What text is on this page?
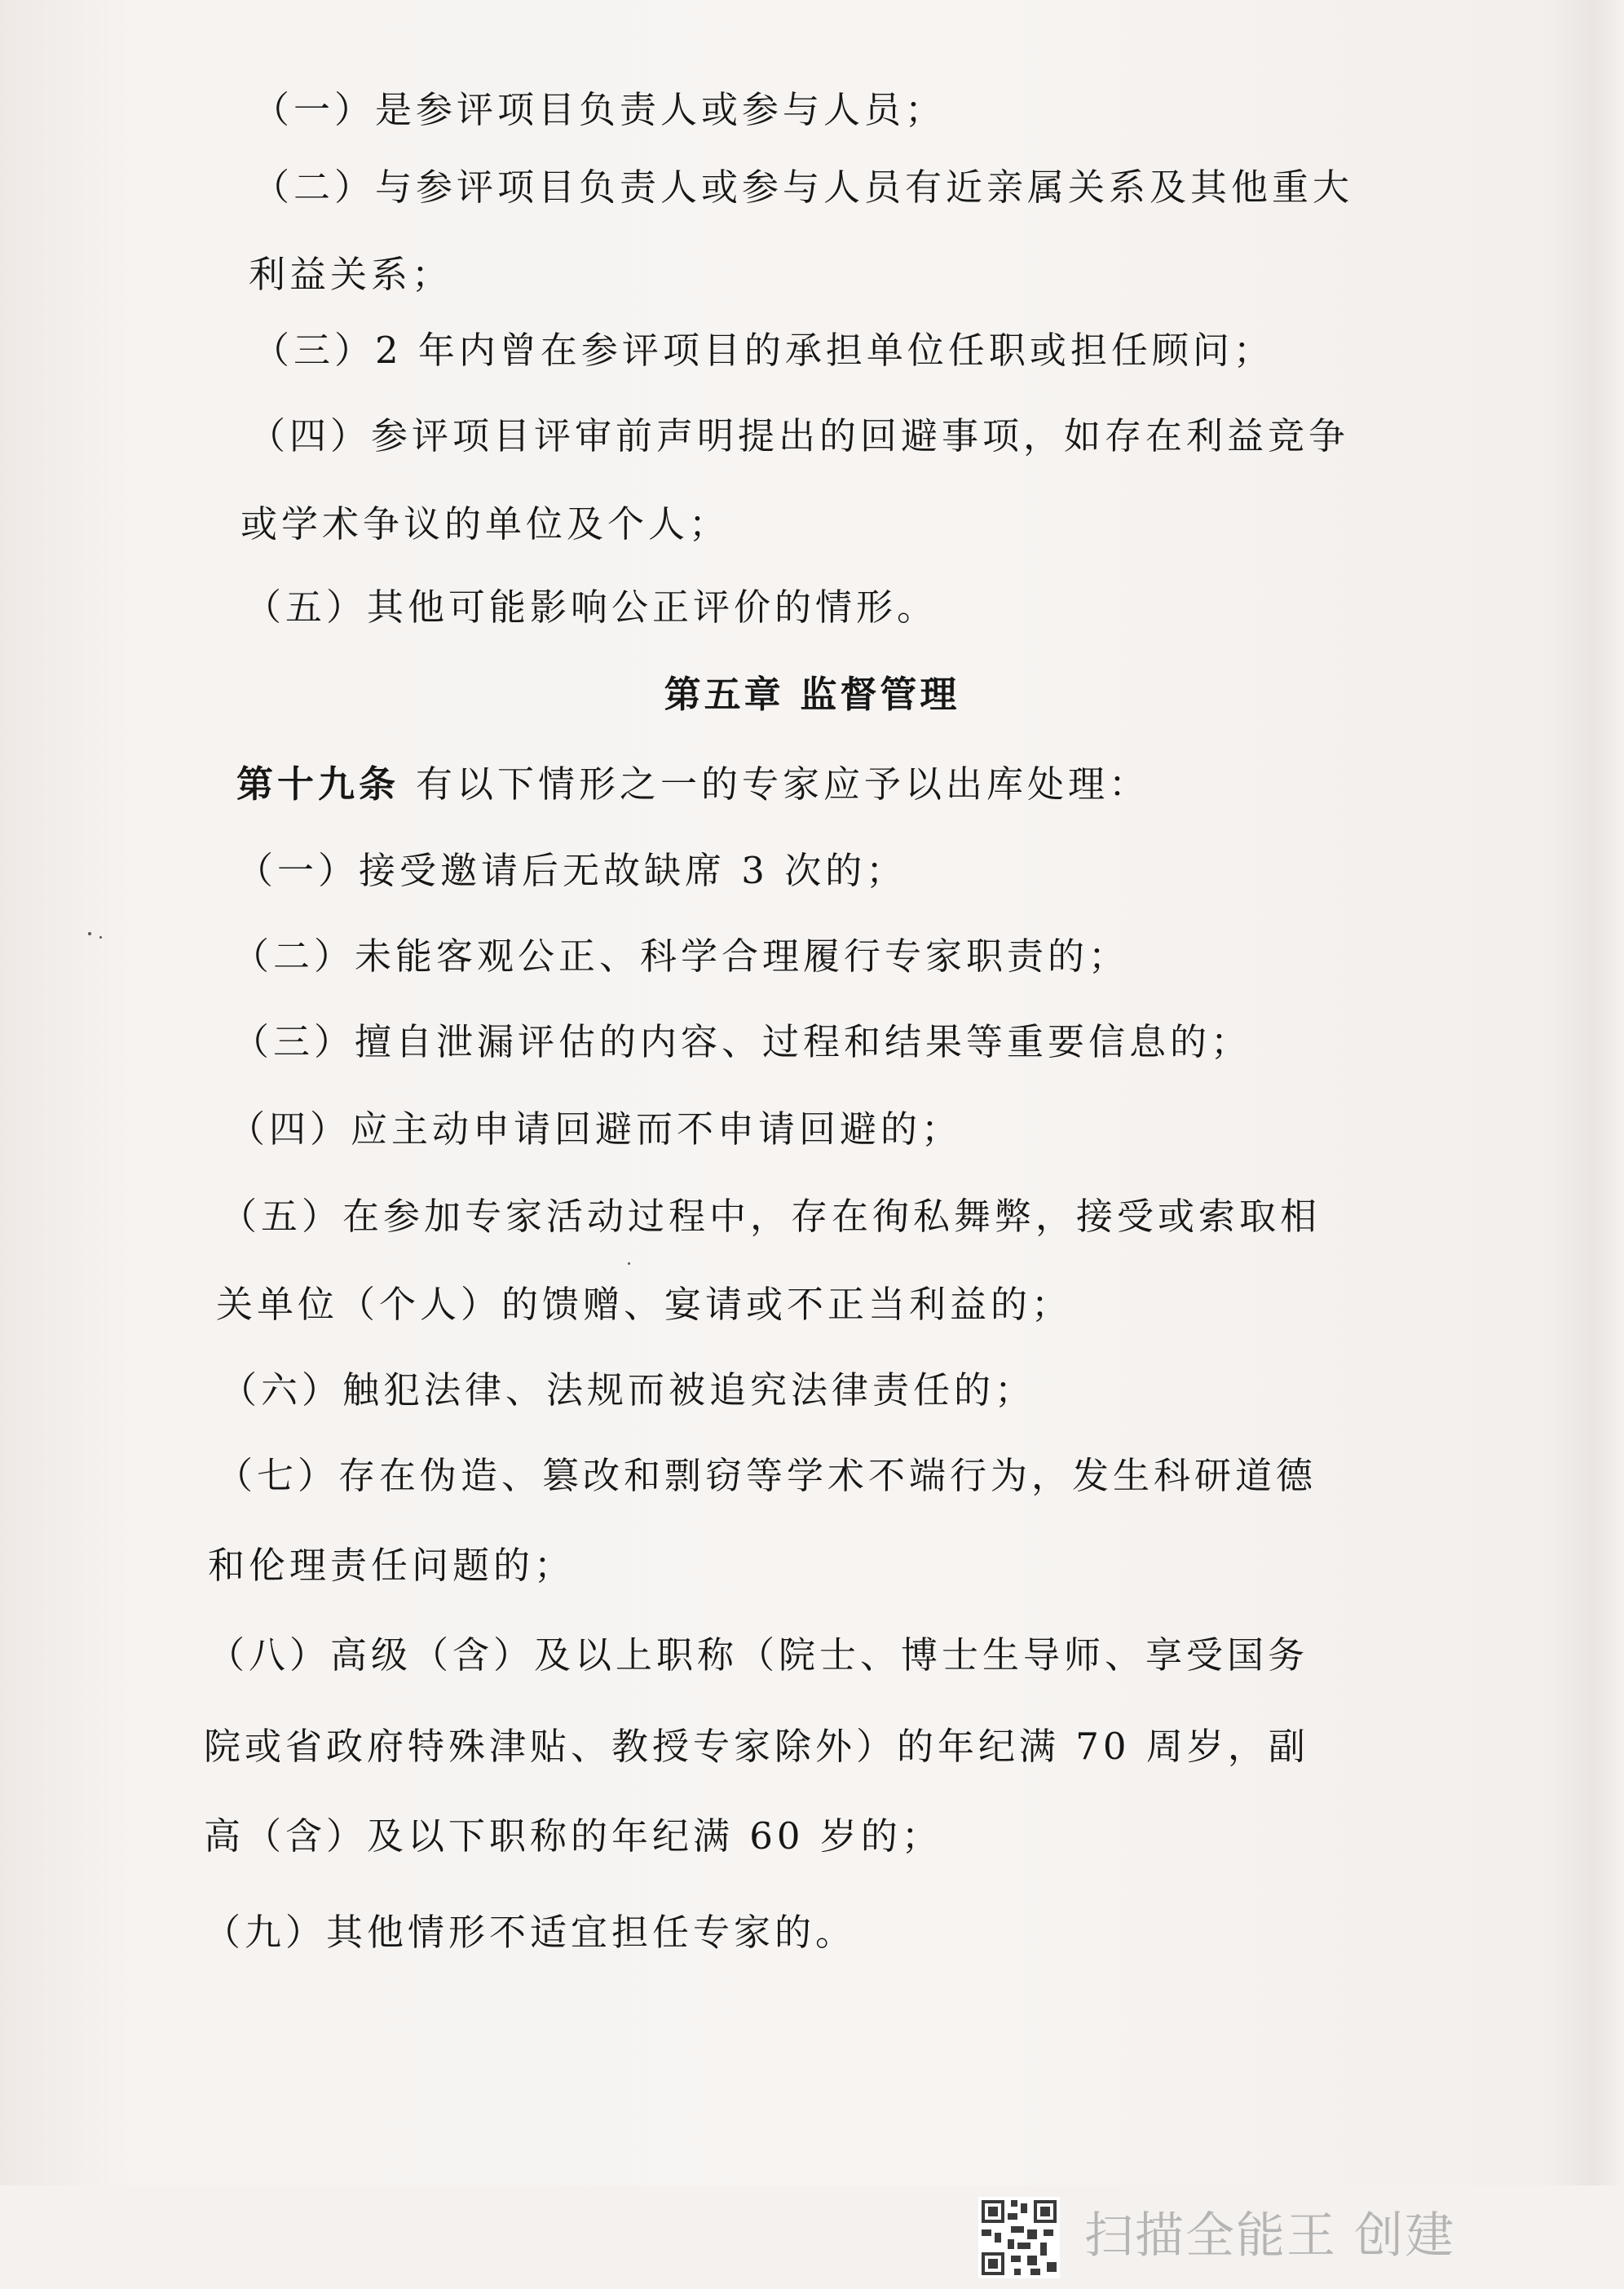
（一）是参评项目负责人或参与人员；
（二）与参评项目负责人或参与人员有近亲属关系及其他重大
利益关系；
（三）2 年内曾在参评项目的承担单位任职或担任顾问；
（四）参评项目评审前声明提出的回避事项，如存在利益竞争
或学术争议的单位及个人；
（五）其他可能影响公正评价的情形。
第五章 监督管理
第十九条 有以下情形之一的专家应予以出库处理：
（一）接受邀请后无故缺席 3 次的；
（二）未能客观公正、科学合理履行专家职责的；
（三）擅自泄漏评估的内容、过程和结果等重要信息的；
（四）应主动申请回避而不申请回避的；
（五）在参加专家活动过程中，存在徇私舞弊，接受或索取相
关单位（个人）的馈赠、宴请或不正当利益的；
（六）触犯法律、法规而被追究法律责任的；
（七）存在伪造、篡改和剽窃等学术不端行为，发生科研道德
和伦理责任问题的；
（八）高级（含）及以上职称（院士、博士生导师、享受国务
院或省政府特殊津贴、教授专家除外）的年纪满 70 周岁，副
高（含）及以下职称的年纪满 60 岁的；
（九）其他情形不适宜担任专家的。
扫描全能王 创建
